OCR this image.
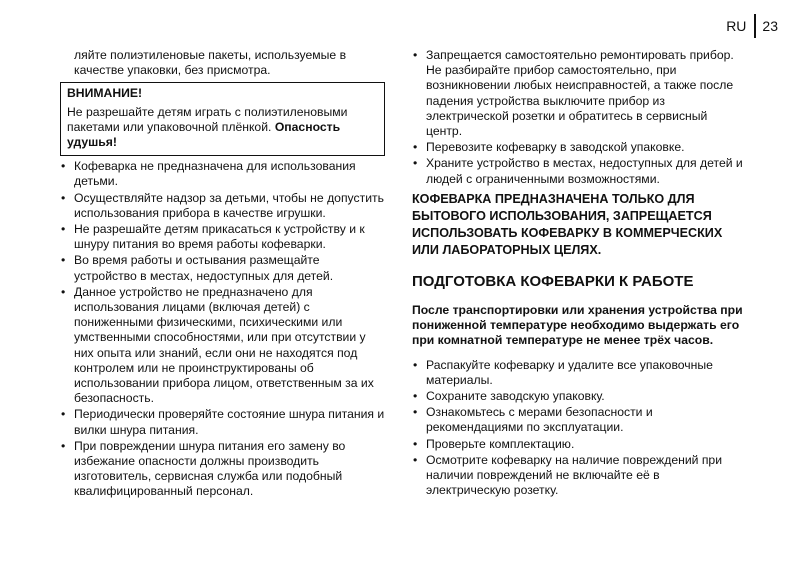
RU	23

ляйте полиэтиленовые пакеты, используемые в качестве упаковки, без присмотра.

ВНИМАНИЕ!

Не разрешайте детям играть с полиэтиленовыми пакетами или упаковочной плёнкой. Опасность удушья!

• Кофеварка не предназначена для использования детьми.
• Осуществляйте надзор за детьми, чтобы не допустить использования прибора в качестве игрушки.
• Не разрешайте детям прикасаться к устройству и к шнуру питания во время работы кофеварки.
• Во время работы и остывания размещайте устройство в местах, недоступных для детей.
• Данное устройство не предназначено для использования лицами (включая детей) с пониженными физическими, психическими или умственными способностями, или при отсутствии у них опыта или знаний, если они не находятся под контролем или не проинструктированы об использовании прибора лицом, ответственным за их безопасность.
• Периодически проверяйте состояние шнура питания и вилки шнура питания.
• При повреждении шнура питания его замену во избежание опасности должны производить изготовитель, сервисная служба или подобный квалифицированный персонал.
• Запрещается самостоятельно ремонтировать прибор. Не разбирайте прибор самостоятельно, при возникновении любых неисправностей, а также после падения устройства выключите прибор из электрической розетки и обратитесь в сервисный центр.
• Перевозите кофеварку в заводской упаковке.
• Храните устройство в местах, недоступных для детей и людей с ограниченными возможностями.

КОФЕВАРКА ПРЕДНАЗНАЧЕНА ТОЛЬКО ДЛЯ БЫТОВОГО ИСПОЛЬЗОВАНИЯ, ЗАПРЕЩАЕТСЯ ИСПОЛЬЗОВАТЬ КОФЕВАРКУ В КОММЕРЧЕСКИХ ИЛИ ЛАБОРАТОРНЫХ ЦЕЛЯХ.

ПОДГОТОВКА КОФЕВАРКИ К РАБОТЕ

После транспортировки или хранения устройства при пониженной температуре необходимо выдержать его при комнатной температуре не менее трёх часов.

• Распакуйте кофеварку и удалите все упаковочные материалы.
• Сохраните заводскую упаковку.
• Ознакомьтесь с мерами безопасности и рекомендациями по эксплуатации.
• Проверьте комплектацию.
• Осмотрите кофеварку на наличие повреждений при наличии повреждений не включайте её в электрическую розетку.
